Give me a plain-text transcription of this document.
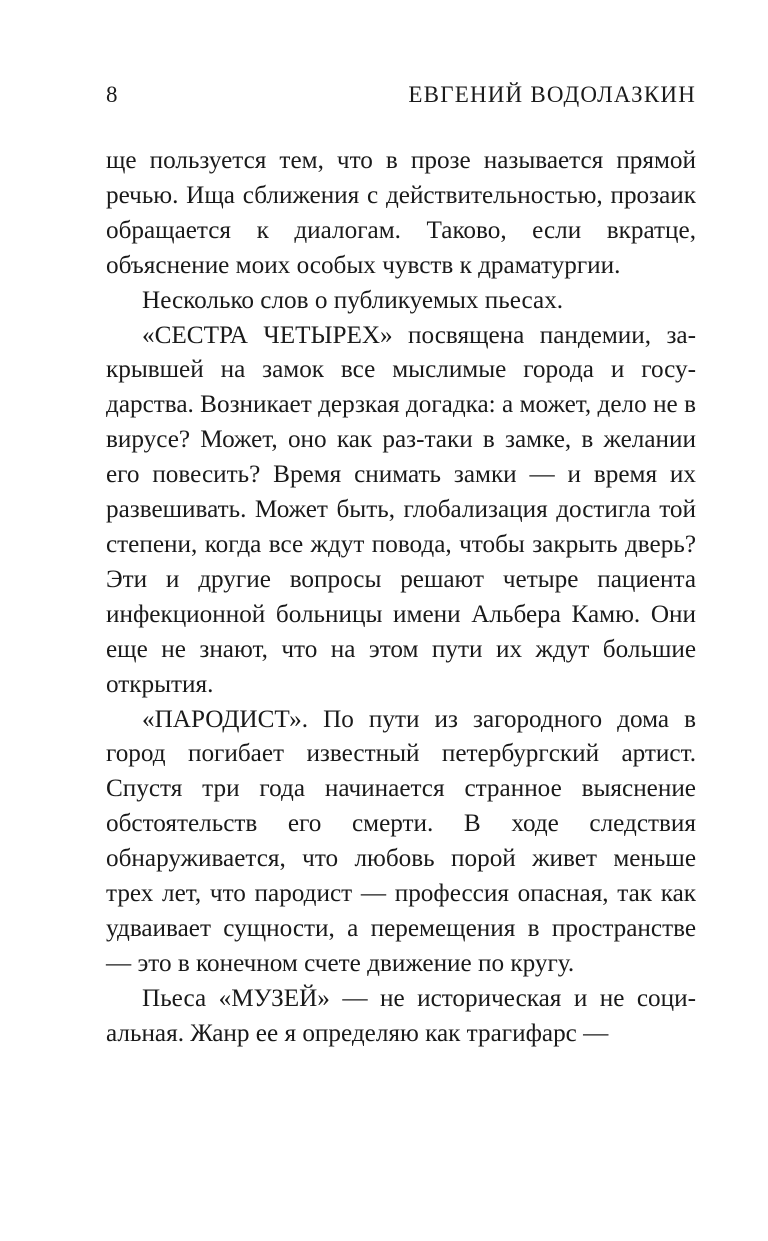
8	ЕВГЕНИЙ ВОДОЛАЗКИН

ще пользуется тем, что в прозе называется прямой речью. Ища сближения с действительностью, прозаик обращается к диалогам. Таково, если вкратце, объяснение моих особых чувств к драматургии.

Несколько слов о публикуемых пьесах.

«СЕСТРА ЧЕТЫРЕХ» посвящена пандемии, закрывшей на замок все мыслимые города и государства. Возникает дерзкая догадка: а может, дело не в вирусе? Может, оно как раз-таки в замке, в желании его повесить? Время снимать замки — и время их развешивать. Может быть, глобализация достигла той степени, когда все ждут повода, чтобы закрыть дверь? Эти и другие вопросы решают четыре пациента инфекционной больницы имени Альбера Камю. Они еще не знают, что на этом пути их ждут большие открытия.

«ПАРОДИСТ». По пути из загородного дома в город погибает известный петербургский артист. Спустя три года начинается странное выяснение обстоятельств его смерти. В ходе следствия обнаруживается, что любовь порой живет меньше трех лет, что пародист — профессия опасная, так как удваивает сущности, а перемещения в пространстве — это в конечном счете движение по кругу.

Пьеса «МУЗЕЙ» — не историческая и не социальная. Жанр ее я определяю как трагифарс —
